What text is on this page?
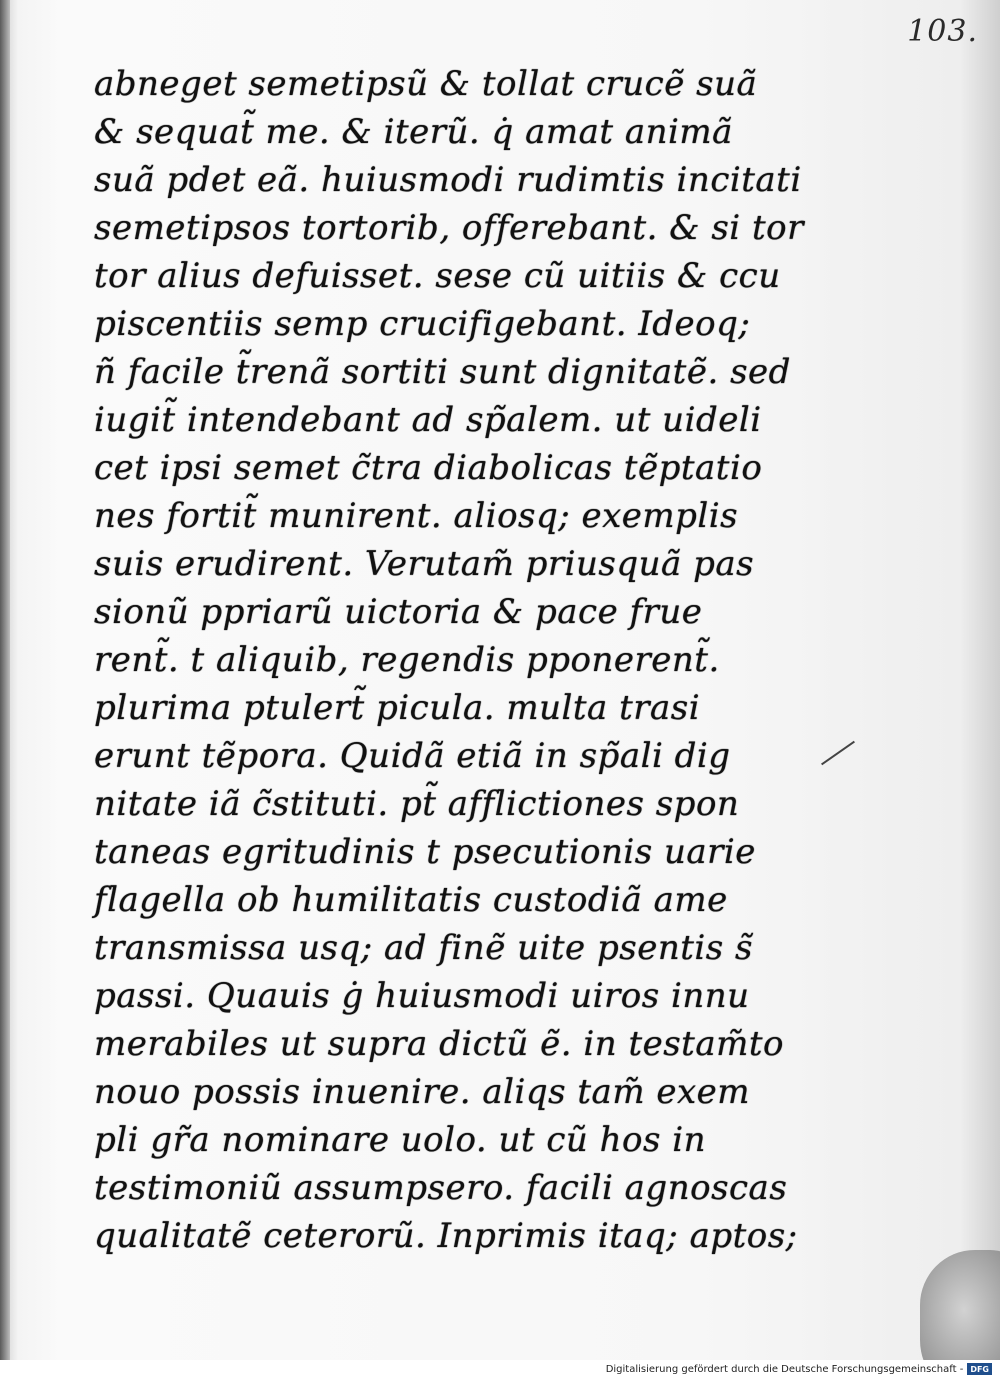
103.
abneget semetipsũ & tollat crucẽ suã
& sequat̃ me. & iterũ. q̇ amat animã
suã pdet eã. huiusmodi rudimtis incitati
semetipsos tortorib, offerebant. & si tor
tor alius defuisset. sese cũ uitiis & ccu
piscentiis semp crucifigebant. Ideoq;
ñ facile t̃renã sortiti sunt dignitatẽ. sed
iugit̃ intendebant ad sp̃alem. ut uideli
cet ipsi semet c̃tra diabolicas tẽptatio
nes fortit̃ munirent. aliosq; exemplis
suis erudirent. Verutam̃ priusquã pas
sionũ ppriarũ uictoria & pace frue
rent̃. t aliquib, regendis pponerent̃.
plurima ptulert̃ picula. multa trasi
erunt tẽpora. Quidã etiã in sp̃ali dig
nitate iã c̃stituti. pt̃ afflictiones spon
taneas egritudinis t psecutionis uarie
flagella ob humilitatis custodiã ame
transmissa usq; ad finẽ uite psentis s̃
passi. Quauis ġ huiusmodi uiros innu
merabiles ut supra dictũ ẽ. in testam̃to
nouo possis inuenire. aliqs tam̃ exem
pli gr̃a nominare uolo. ut cũ hos in
testimoniũ assumpsero. facili agnoscas
qualitatẽ ceterorũ. Inprimis itaq; aptos;
Digitalisierung gefördert durch die Deutsche Forschungsgemeinschaft - DFG
